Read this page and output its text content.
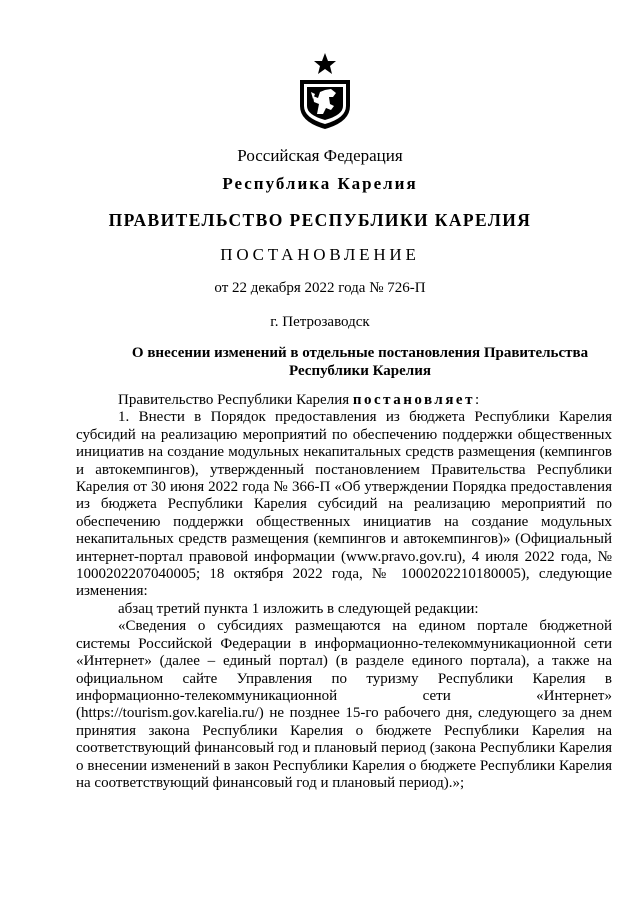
Российская Федерация
Республика Карелия
ПРАВИТЕЛЬСТВО РЕСПУБЛИКИ КАРЕЛИЯ
ПОСТАНОВЛЕНИЕ
от 22 декабря 2022 года № 726-П
г. Петрозаводск
О внесении изменений в отдельные постановления Правительства
Республики Карелия

Правительство Республики Карелия постановляет:

1. Внести в Порядок предоставления из бюджета Республики Карелия субсидий на реализацию мероприятий по обеспечению поддержки общественных инициатив на создание модульных некапитальных средств размещения (кемпингов и автокемпингов), утвержденный постановлением Правительства Республики Карелия от 30 июня 2022 года № 366-П «Об утверждении Порядка предоставления из бюджета Республики Карелия субсидий на реализацию мероприятий по обеспечению поддержки общественных инициатив на создание модульных некапитальных средств размещения (кемпингов и автокемпингов)» (Официальный интернет-портал правовой информации (www.pravo.gov.ru), 4 июля 2022 года, № 1000202207040005; 18 октября 2022 года, № 1000202210180005), следующие изменения:

абзац третий пункта 1 изложить в следующей редакции:

«Сведения о субсидиях размещаются на едином портале бюджетной системы Российской Федерации в информационно-телекоммуникационной сети «Интернет» (далее – единый портал) (в разделе единого портала), а также на официальном сайте Управления по туризму Республики Карелия в информационно-телекоммуникационной сети «Интернет» (https://tourism.gov.karelia.ru/) не позднее 15-го рабочего дня, следующего за днем принятия закона Республики Карелия о бюджете Республики Карелия на соответствующий финансовый год и плановый период (закона Республики Карелия о внесении изменений в закон Республики Карелия о бюджете Республики Карелия на соответствующий финансовый год и плановый период).»;
